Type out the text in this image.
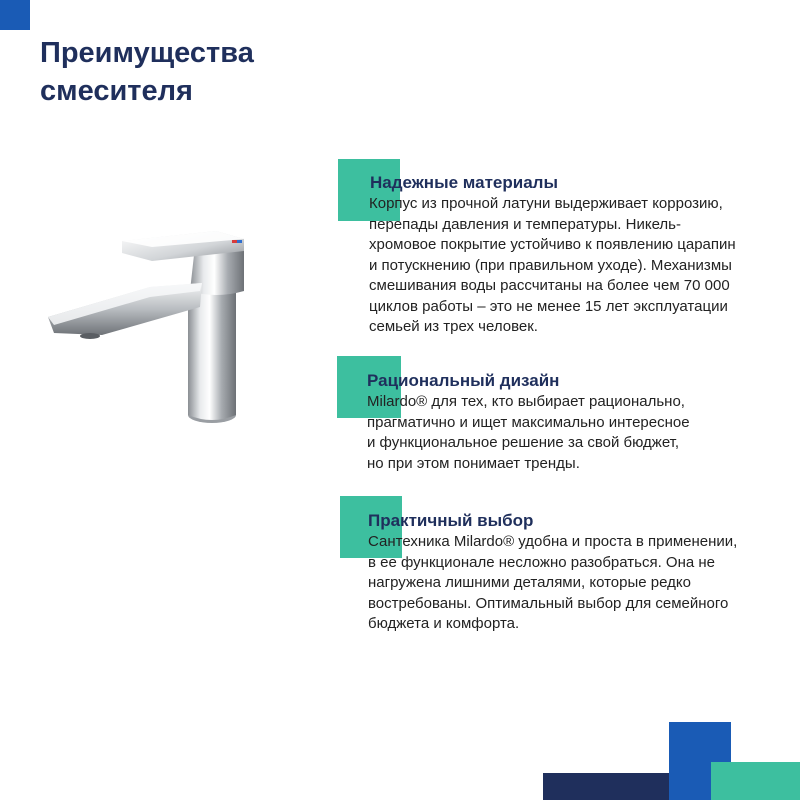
Преимущества
смесителя

Надежные материалы

Корпус из прочной латуни выдерживает коррозию,
перепады давления и температуры. Никель-
хромовое покрытие устойчиво к появлению царапин
и потускнению (при правильном уходе). Механизмы
смешивания воды рассчитаны на более чем 70 000
циклов работы – это не менее 15 лет эксплуатации
семьей из трех человек.

Рациональный дизайн

Milardo® для тех, кто выбирает рационально,
прагматично и ищет максимально интересное
и функциональное решение за свой бюджет,
но при этом понимает тренды.

Практичный выбор

Сантехника Milardo® удобна и проста в применении,
в ее функционале несложно разобраться. Она не
нагружена лишними деталями, которые редко
востребованы. Оптимальный выбор для семейного
бюджета и комфорта.
